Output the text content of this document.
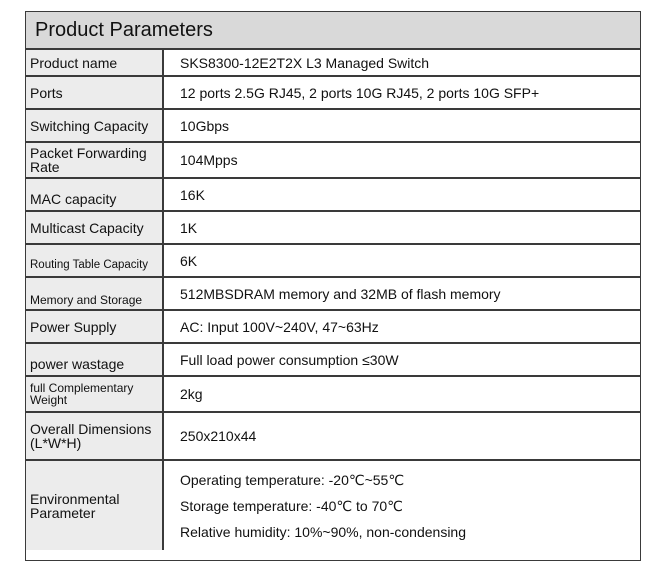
Product Parameters
Product name	SKS8300-12E2T2X L3 Managed Switch
Ports	12 ports 2.5G RJ45, 2 ports 10G RJ45, 2 ports 10G SFP+
Switching Capacity	10Gbps
Packet Forwarding Rate	104Mpps

MAC capacity	16K
Multicast Capacity	1K

Routing Table Capacity	6K

Memory and Storage	512MBSDRAM memory and 32MB of flash memory
Power Supply	AC: Input 100V~240V, 47~63Hz

power wastage	Full load power consumption ≤30W
full Complementary Weight	2kg
Overall Dimensions (L*W*H)	250x210x44
Environmental Parameter	Operating temperature: -20℃~55℃
Storage temperature: -40℃ to 70℃
Relative humidity: 10%~90%, non-condensing
